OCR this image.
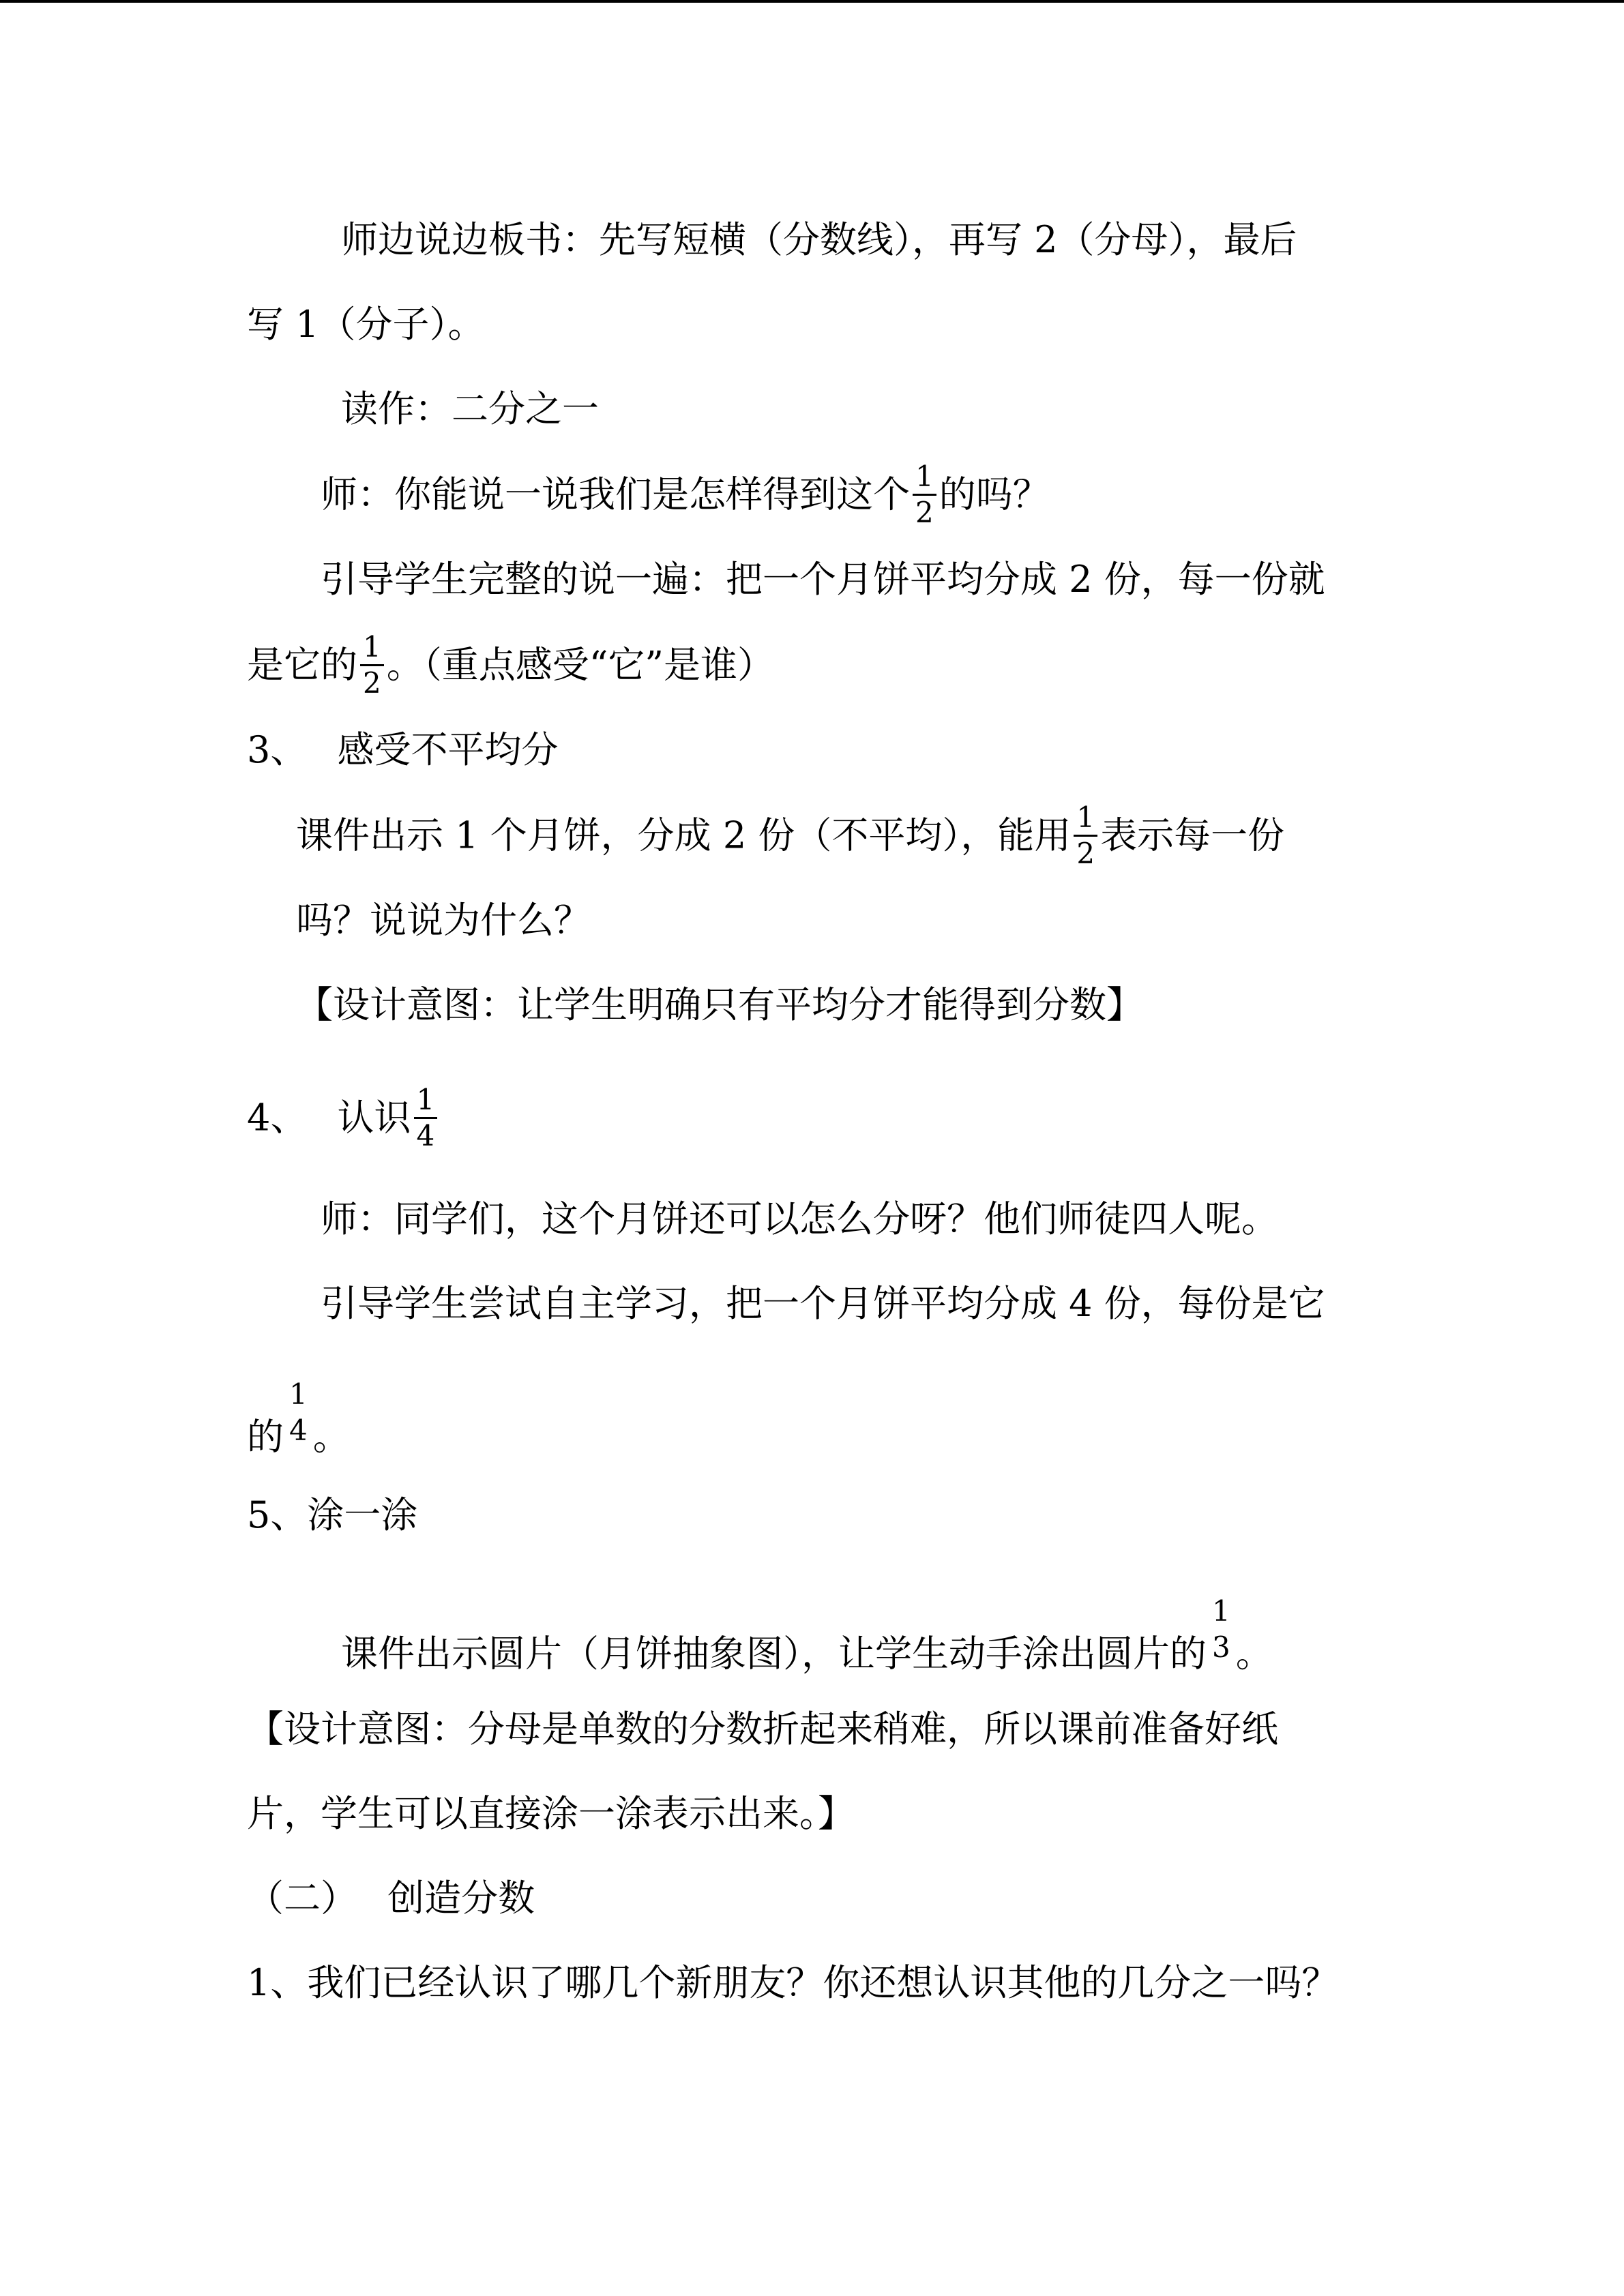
师边说边板书：先写短横（分数线），再写 2（分母），最后
写 1（分子）。
读作：二分之一
师：你能说一说我们是怎样得到这个 $\frac{1}{2}$ 的吗？
引导学生完整的说一遍：把一个月饼平均分成 2 份，每一份就
是它的 $\frac{1}{2}$ 。（重点感受“它”是谁）
3、　 感受不平均分
课件出示 1 个月饼，分成 2 份（不平均），能用 $\frac{1}{2}$ 表示每一份
吗？说说为什么？
【设计意图：让学生明确只有平均分才能得到分数】
4、　 认识 $\frac{1}{4}$
师：同学们，这个月饼还可以怎么分呀？他们师徒四人呢。
引导学生尝试自主学习，把一个月饼平均分成 4 份，每份是它
的
1
4 。
5、涂一涂
课件出示圆片（月饼抽象图），让学生动手涂出圆片的
1
3 。
【设计意图：分母是单数的分数折起来稍难，所以课前准备好纸
片，学生可以直接涂一涂表示出来。】
（二）　 创造分数
1、我们已经认识了哪几个新朋友？你还想认识其他的几分之一吗？
